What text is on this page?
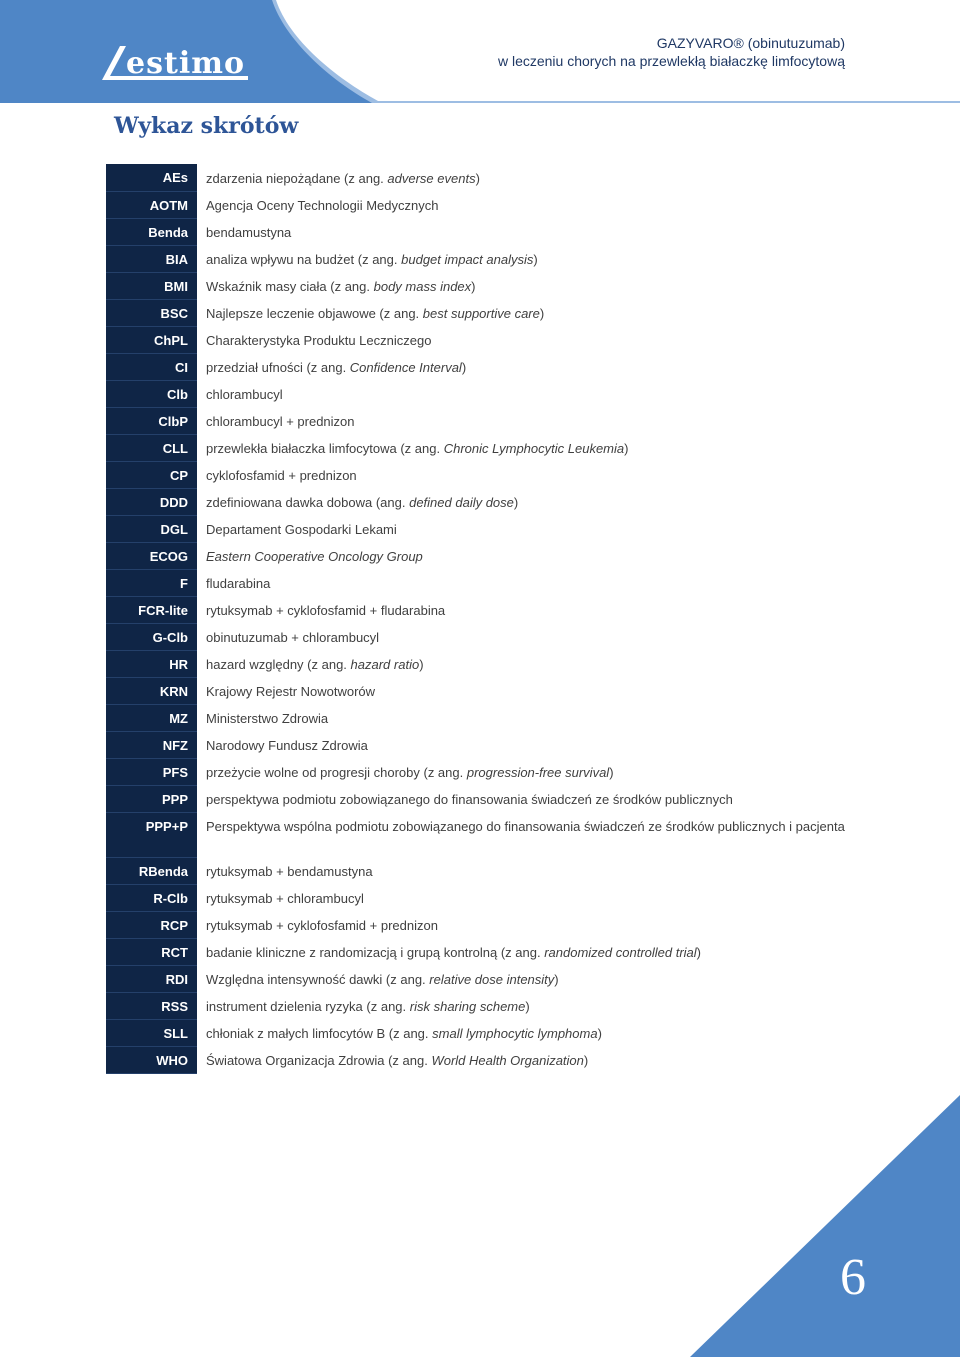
estimo
GAZYVARO® (obinutuzumab)
w leczeniu chorych na przewlekłą białaczkę limfocytową
Wykaz skrótów
AEs	zdarzenia niepożądane (z ang. adverse events)
AOTM	Agencja Oceny Technologii Medycznych
Benda	bendamustyna
BIA	analiza wpływu na budżet (z ang. budget impact analysis)
BMI	Wskaźnik masy ciała (z ang. body mass index)
BSC	Najlepsze leczenie objawowe (z ang. best supportive care)
ChPL	Charakterystyka Produktu Leczniczego
CI	przedział ufności (z ang. Confidence Interval)
Clb	chlorambucyl
ClbP	chlorambucyl + prednizon
CLL	przewlekła białaczka limfocytowa (z ang. Chronic Lymphocytic Leukemia)
CP	cyklofosfamid + prednizon
DDD	zdefiniowana dawka dobowa (ang. defined daily dose)
DGL	Departament Gospodarki Lekami
ECOG	Eastern Cooperative Oncology Group
F	fludarabina
FCR-lite	rytuksymab + cyklofosfamid + fludarabina
G-Clb	obinutuzumab + chlorambucyl
HR	hazard względny (z ang. hazard ratio)
KRN	Krajowy Rejestr Nowotworów
MZ	Ministerstwo Zdrowia
NFZ	Narodowy Fundusz Zdrowia
PFS	przeżycie wolne od progresji choroby (z ang. progression-free survival)
PPP	perspektywa podmiotu zobowiązanego do finansowania świadczeń ze środków publicznych
PPP+P	Perspektywa wspólna podmiotu zobowiązanego do finansowania świadczeń ze środków publicznych i pacjenta
RBenda	rytuksymab + bendamustyna
R-Clb	rytuksymab + chlorambucyl
RCP	rytuksymab + cyklofosfamid + prednizon
RCT	badanie kliniczne z randomizacją i grupą kontrolną (z ang. randomized controlled trial)
RDI	Względna intensywność dawki (z ang. relative dose intensity)
RSS	instrument dzielenia ryzyka (z ang. risk sharing scheme)
SLL	chłoniak z małych limfocytów B (z ang. small lymphocytic lymphoma)
WHO	Światowa Organizacja Zdrowia (z ang. World Health Organization)
6
